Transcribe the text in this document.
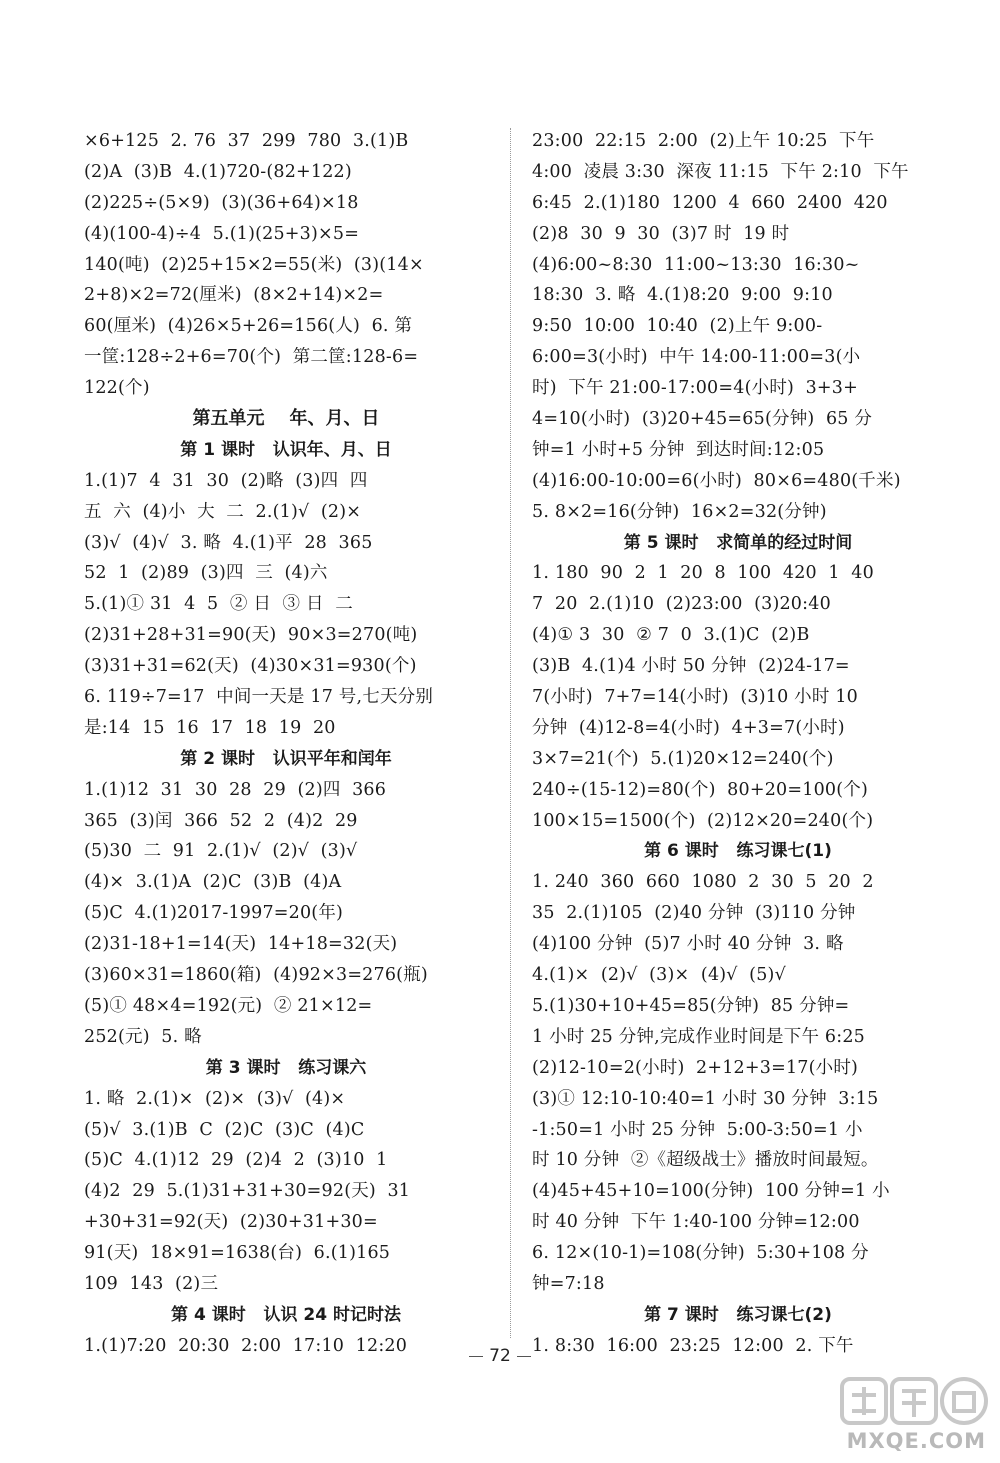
×6+125  2. 76  37  299  780  3.(1)B
(2)A  (3)B  4.(1)720-(82+122)
(2)225÷(5×9)  (3)(36+64)×18
(4)(100-4)÷4  5.(1)(25+3)×5=
140(吨)  (2)25+15×2=55(米)  (3)(14×
2+8)×2=72(厘米)  (8×2+14)×2=
60(厘米)  (4)26×5+26=156(人)  6. 第
一筐:128÷2+6=70(个)  第二筐:128-6=
122(个)
第五单元    年、月、日
第 1 课时   认识年、月、日
1.(1)7  4  31  30  (2)略  (3)四  四
五  六  (4)小  大  二  2.(1)√  (2)×
(3)√  (4)√  3. 略  4.(1)平  28  365
52  1  (2)89  (3)四  三  (4)六
5.(1)① 31  4  5  ② 日  ③ 日  二
(2)31+28+31=90(天)  90×3=270(吨)
(3)31+31=62(天)  (4)30×31=930(个)
6. 119÷7=17  中间一天是 17 号,七天分别
是:14  15  16  17  18  19  20
第 2 课时   认识平年和闰年
1.(1)12  31  30  28  29  (2)四  366
365  (3)闰  366  52  2  (4)2  29
(5)30  二  91  2.(1)√  (2)√  (3)√
(4)×  3.(1)A  (2)C  (3)B  (4)A
(5)C  4.(1)2017-1997=20(年)
(2)31-18+1=14(天)  14+18=32(天)
(3)60×31=1860(箱)  (4)92×3=276(瓶)
(5)① 48×4=192(元)  ② 21×12=
252(元)  5. 略
第 3 课时   练习课六
1. 略  2.(1)×  (2)×  (3)√  (4)×
(5)√  3.(1)B  C  (2)C  (3)C  (4)C
(5)C  4.(1)12  29  (2)4  2  (3)10  1
(4)2  29  5.(1)31+31+30=92(天)  31
+30+31=92(天)  (2)30+31+30=
91(天)  18×91=1638(台)  6.(1)165
109  143  (2)三
第 4 课时   认识 24 时记时法
1.(1)7:20  20:30  2:00  17:10  12:20
23:00  22:15  2:00  (2)上午 10:25  下午
4:00  凌晨 3:30  深夜 11:15  下午 2:10  下午
6:45  2.(1)180  1200  4  660  2400  420
(2)8  30  9  30  (3)7 时  19 时
(4)6:00~8:30  11:00~13:30  16:30~
18:30  3. 略  4.(1)8:20  9:00  9:10
9:50  10:00  10:40  (2)上午 9:00-
6:00=3(小时)  中午 14:00-11:00=3(小
时)  下午 21:00-17:00=4(小时)  3+3+
4=10(小时)  (3)20+45=65(分钟)  65 分
钟=1 小时+5 分钟  到达时间:12:05
(4)16:00-10:00=6(小时)  80×6=480(千米)
5. 8×2=16(分钟)  16×2=32(分钟)
第 5 课时   求简单的经过时间
1. 180  90  2  1  20  8  100  420  1  40
7  20  2.(1)10  (2)23:00  (3)20:40
(4)① 3  30  ② 7  0  3.(1)C  (2)B
(3)B  4.(1)4 小时 50 分钟  (2)24-17=
7(小时)  7+7=14(小时)  (3)10 小时 10
分钟  (4)12-8=4(小时)  4+3=7(小时)
3×7=21(个)  5.(1)20×12=240(个)
240÷(15-12)=80(个)  80+20=100(个)
100×15=1500(个)  (2)12×20=240(个)
第 6 课时   练习课七(1)
1. 240  360  660  1080  2  30  5  20  2
35  2.(1)105  (2)40 分钟  (3)110 分钟
(4)100 分钟  (5)7 小时 40 分钟  3. 略
4.(1)×  (2)√  (3)×  (4)√  (5)√
5.(1)30+10+45=85(分钟)  85 分钟=
1 小时 25 分钟,完成作业时间是下午 6:25
(2)12-10=2(小时)  2+12+3=17(小时)
(3)① 12:10-10:40=1 小时 30 分钟  3:15
-1:50=1 小时 25 分钟  5:00-3:50=1 小
时 10 分钟  ②《超级战士》播放时间最短。
(4)45+45+10=100(分钟)  100 分钟=1 小
时 40 分钟  下午 1:40-100 分钟=12:00
6. 12×(10-1)=108(分钟)  5:30+108 分
钟=7:18
第 7 课时   练习课七(2)
1. 8:30  16:00  23:25  12:00  2. 下午
72
MXQE.COM
